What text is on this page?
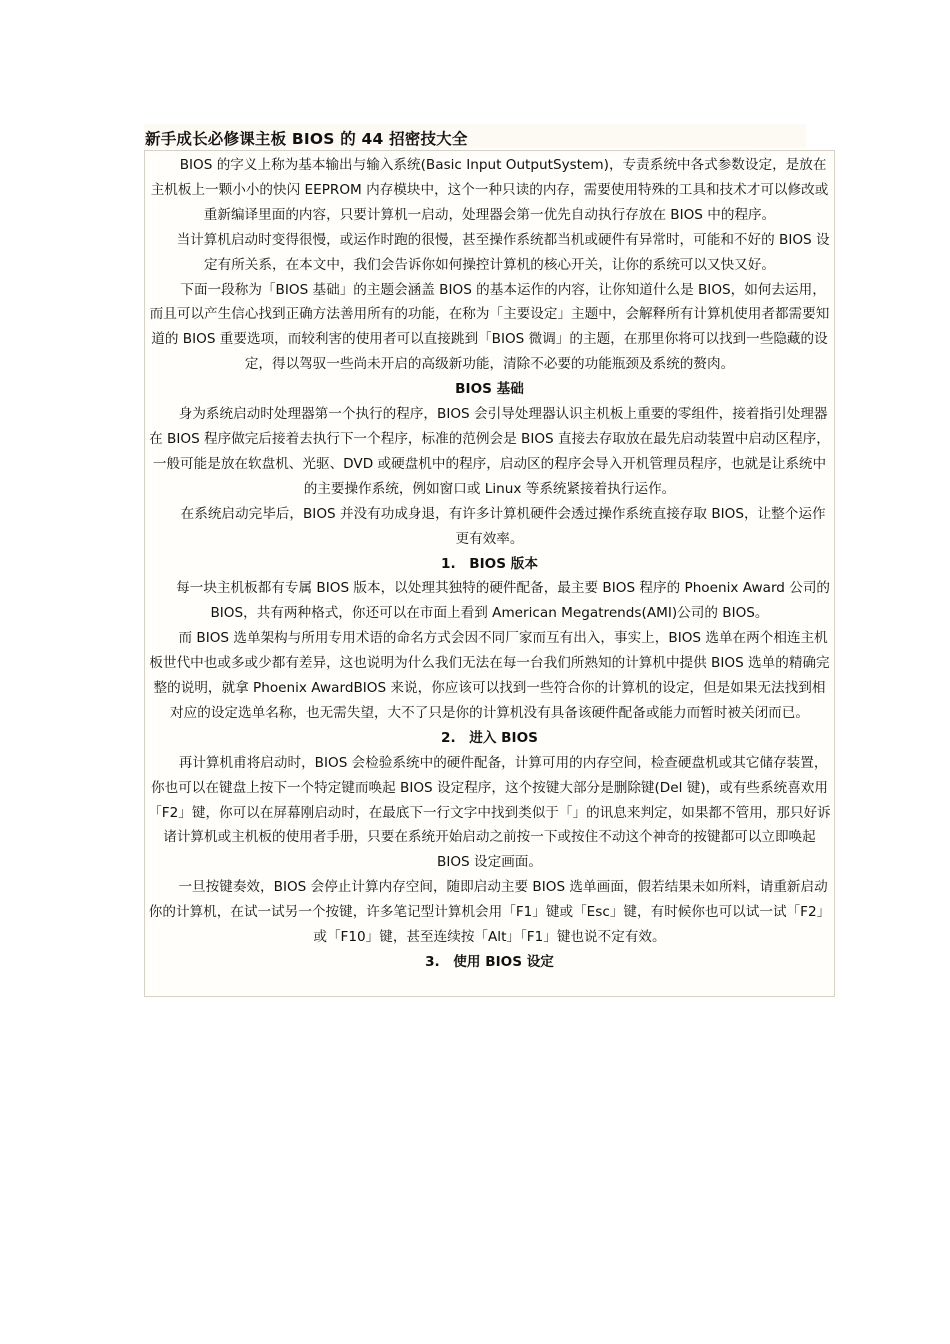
新手成长必修课主板 BIOS 的 44 招密技大全

BIOS 的字义上称为基本输出与输入系统(Basic Input OutputSystem)，专责系统中各式参数设定，是放在主机板上一颗小小的快闪 EEPROM 内存模块中，这个一种只读的内存，需要使用特殊的工具和技术才可以修改或重新编译里面的内容，只要计算机一启动，处理器会第一优先自动执行存放在 BIOS 中的程序。

当计算机启动时变得很慢，或运作时跑的很慢，甚至操作系统都当机或硬件有异常时，可能和不好的 BIOS 设定有所关系，在本文中，我们会告诉你如何操控计算机的核心开关，让你的系统可以又快又好。

下面一段称为「BIOS 基础」的主题会涵盖 BIOS 的基本运作的内容，让你知道什么是 BIOS，如何去运用，而且可以产生信心找到正确方法善用所有的功能，在称为「主要设定」主题中，会解释所有计算机使用者都需要知道的 BIOS 重要选项，而较利害的使用者可以直接跳到「BIOS 微调」的主题，在那里你将可以找到一些隐藏的设定，得以驾驭一些尚未开启的高级新功能，清除不必要的功能瓶颈及系统的赘肉。

BIOS 基础

身为系统启动时处理器第一个执行的程序，BIOS 会引导处理器认识主机板上重要的零组件，接着指引处理器在 BIOS 程序做完后接着去执行下一个程序，标准的范例会是 BIOS 直接去存取放在最先启动装置中启动区程序，一般可能是放在软盘机、光驱、DVD 或硬盘机中的程序，启动区的程序会导入开机管理员程序，也就是让系统中的主要操作系统，例如窗口或 Linux 等系统紧接着执行运作。

在系统启动完毕后，BIOS 并没有功成身退，有许多计算机硬件会透过操作系统直接存取 BIOS，让整个运作更有效率。

1.　BIOS 版本

每一块主机板都有专属 BIOS 版本，以处理其独特的硬件配备，最主要 BIOS 程序的 Phoenix Award 公司的 BIOS，共有两种格式，你还可以在市面上看到 American Megatrends(AMI)公司的 BIOS。

而 BIOS 选单架构与所用专用术语的命名方式会因不同厂家而互有出入，事实上，BIOS 选单在两个相连主机板世代中也或多或少都有差异，这也说明为什么我们无法在每一台我们所熟知的计算机中提供 BIOS 选单的精确完整的说明，就拿 Phoenix AwardBIOS 来说，你应该可以找到一些符合你的计算机的设定，但是如果无法找到相对应的设定选单名称，也无需失望，大不了只是你的计算机没有具备该硬件配备或能力而暂时被关闭而已。

2.　进入 BIOS

再计算机甫将启动时，BIOS 会检验系统中的硬件配备，计算可用的内存空间，检查硬盘机或其它储存装置，你也可以在键盘上按下一个特定键而唤起 BIOS 设定程序，这个按键大部分是删除键(Del 键)，或有些系统喜欢用「F2」键，你可以在屏幕刚启动时，在最底下一行文字中找到类似于「」的讯息来判定，如果都不管用，那只好诉诸计算机或主机板的使用者手册，只要在系统开始启动之前按一下或按住不动这个神奇的按键都可以立即唤起 BIOS 设定画面。

一旦按键奏效，BIOS 会停止计算内存空间，随即启动主要 BIOS 选单画面，假若结果未如所料，请重新启动你的计算机，在试一试另一个按键，许多笔记型计算机会用「F1」键或「Esc」键，有时候你也可以试一试「F2」或「F10」键，甚至连续按「Alt」「F1」键也说不定有效。

3.　使用 BIOS 设定
